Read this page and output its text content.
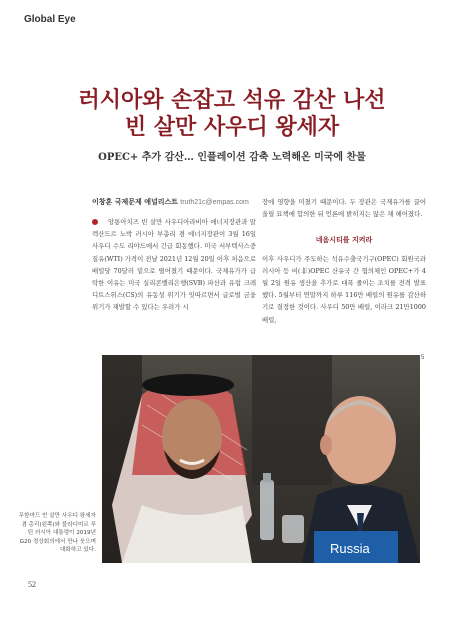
Global Eye
러시아와 손잡고 석유 감산 나선
빈 살만 사우디 왕세자
OPEC+ 추가 감산… 인플레이션 감축 노력해온 미국에 찬물
이창훈 국제문제 애널리스트 truth21c@empas.com

앙통아치즈 빈 살만 사우디아라비아 에너지장관과 알렉산드르 노박 러시아 부총리 겸 에너지장관이 3월 16일 사우디 수도 리야드에서 긴급 회동했다. 미국 서부텍사스중질유(WTI) 가격이 전날 2021년 12월 20일 이후 처음으로 배럴당 70달러 밑으로 떨어졌기 때문이다. 국제유가가 급락한 이유는 미국 실리콘밸리은행(SVB) 파산과 유럽 크레디트스위스(CS)의 유동성 위기가 잇따르면서 글로벌 금융위기가 재발할 수 있다는 우려가 시

장에 영향을 미쳤기 때문이다. 두 장관은 국제유가를 끌어올릴 묘책에 합의한 뒤 언론에 밝히지는 않은 채 헤어졌다.

네옴시티를 지켜라

이후 사우디가 주도하는 석유수출국기구(OPEC) 회원국과 러시아 등 비(非)OPEC 산유국 간 협의체인 OPEC+가 4월 2일 원유 생산을 추가로 대폭 줄이는 조치를 전격 발표했다. 5월부터 연말까지 하루 116만 배럴의 원유를 감산하기로 결정한 것이다. 사우디 50만 배럴, 이라크 21만1000배럴,

Russia
무함마드 빈 살만 사우디 왕세자 겸 총리(왼쪽)와 블라디미르 푸틴 러시아 대통령이 2019년 G20 정상회의에서 만나 웃으며 대화하고 있다.
52
5
